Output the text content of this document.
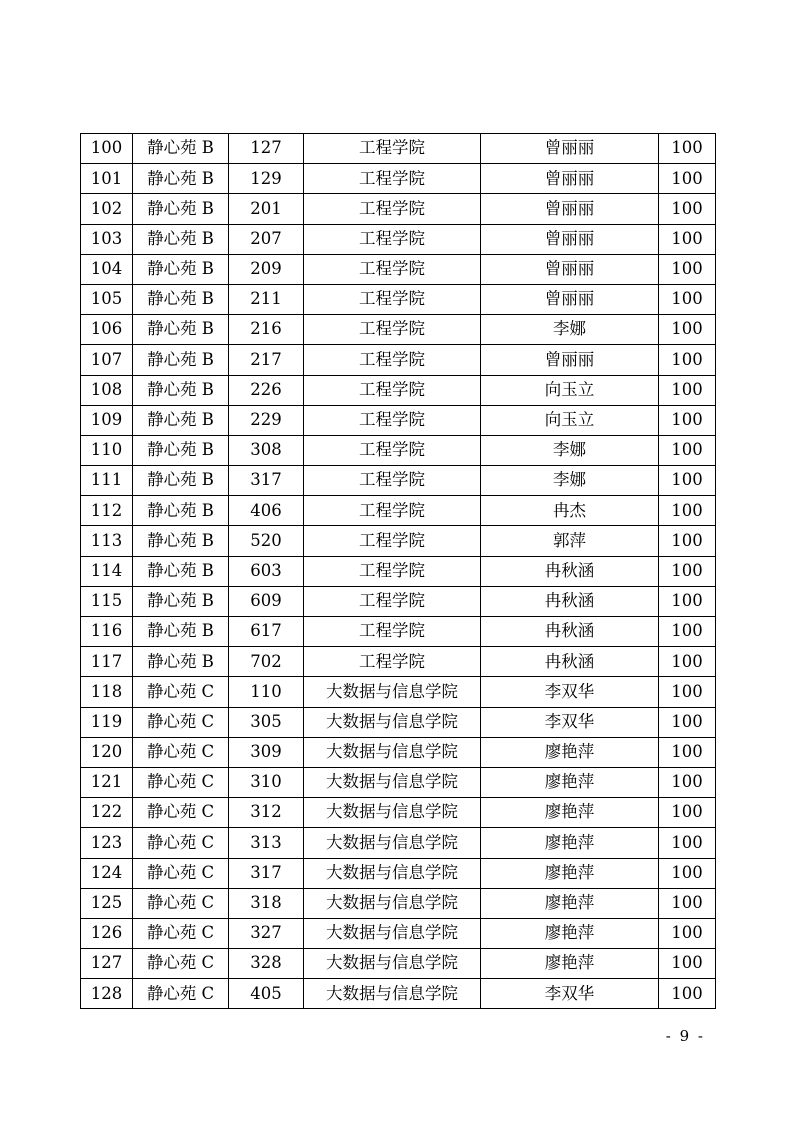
100	静心苑 B	127	工程学院	曾丽丽	100
101	静心苑 B	129	工程学院	曾丽丽	100
102	静心苑 B	201	工程学院	曾丽丽	100
103	静心苑 B	207	工程学院	曾丽丽	100
104	静心苑 B	209	工程学院	曾丽丽	100
105	静心苑 B	211	工程学院	曾丽丽	100
106	静心苑 B	216	工程学院	李娜	100
107	静心苑 B	217	工程学院	曾丽丽	100
108	静心苑 B	226	工程学院	向玉立	100
109	静心苑 B	229	工程学院	向玉立	100
110	静心苑 B	308	工程学院	李娜	100
111	静心苑 B	317	工程学院	李娜	100
112	静心苑 B	406	工程学院	冉杰	100
113	静心苑 B	520	工程学院	郭萍	100
114	静心苑 B	603	工程学院	冉秋涵	100
115	静心苑 B	609	工程学院	冉秋涵	100
116	静心苑 B	617	工程学院	冉秋涵	100
117	静心苑 B	702	工程学院	冉秋涵	100
118	静心苑 C	110	大数据与信息学院	李双华	100
119	静心苑 C	305	大数据与信息学院	李双华	100
120	静心苑 C	309	大数据与信息学院	廖艳萍	100
121	静心苑 C	310	大数据与信息学院	廖艳萍	100
122	静心苑 C	312	大数据与信息学院	廖艳萍	100
123	静心苑 C	313	大数据与信息学院	廖艳萍	100
124	静心苑 C	317	大数据与信息学院	廖艳萍	100
125	静心苑 C	318	大数据与信息学院	廖艳萍	100
126	静心苑 C	327	大数据与信息学院	廖艳萍	100
127	静心苑 C	328	大数据与信息学院	廖艳萍	100
128	静心苑 C	405	大数据与信息学院	李双华	100
- 9 -
